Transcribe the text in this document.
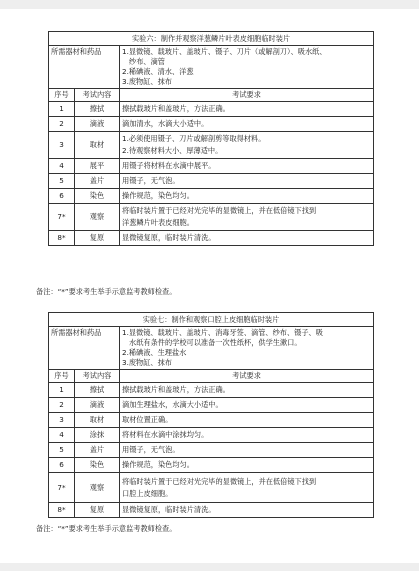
实验六：制作并观察洋葱鳞片叶表皮细胞临时装片		
所需器材和药品		1.显微镜、载玻片、盖玻片、镊子、刀片（或解剖刀）、吸水纸、
纱布、滴管
2.稀碘液、清水、洋葱
3.废物缸、抹布

序号	考试内容	考试要求
1	擦拭	擦拭载玻片和盖玻片，方法正确。
2	滴液	滴加清水，水滴大小适中。
3	取材	1.必须使用镊子、刀片或解剖剪等取得材料。
2.待观察材料大小、厚薄适中。

4	展平	用镊子将材料在水滴中展平。
5	盖片	用镊子，无气泡。
6	染色	操作规范，染色均匀。
7*	观察	将临时装片置于已经对光完毕的显微镜上，并在低倍镜下找到
洋葱鳞片叶表皮细胞。

8*	复原	显微镜复原，临时装片清洗。
备注：“*”要求考生举手示意监考教师检查。
实验七：制作和观察口腔上皮细胞临时装片		
所需器材和药品		1.显微镜、载玻片、盖玻片、消毒牙签、滴管、纱布、镊子、吸
水纸有条件的学校可以准备一次性纸杯，供学生漱口。
2.稀碘液、生理盐水
3.废物缸、抹布

序号	考试内容	考试要求
1	擦拭	擦拭载玻片和盖玻片，方法正确。
2	滴液	滴加生理盐水，水滴大小适中。
3	取材	取材位置正确。
4	涂抹	将材料在水滴中涂抹均匀。
5	盖片	用镊子，无气泡。
6	染色	操作规范，染色均匀。
7*	观察	将临时装片置于已经对光完毕的显微镜上，并在低倍镜下找到
口腔上皮细胞。

8*	复原	显微镜复原，临时装片清洗。
备注：“*”要求考生举手示意监考教师检查。
